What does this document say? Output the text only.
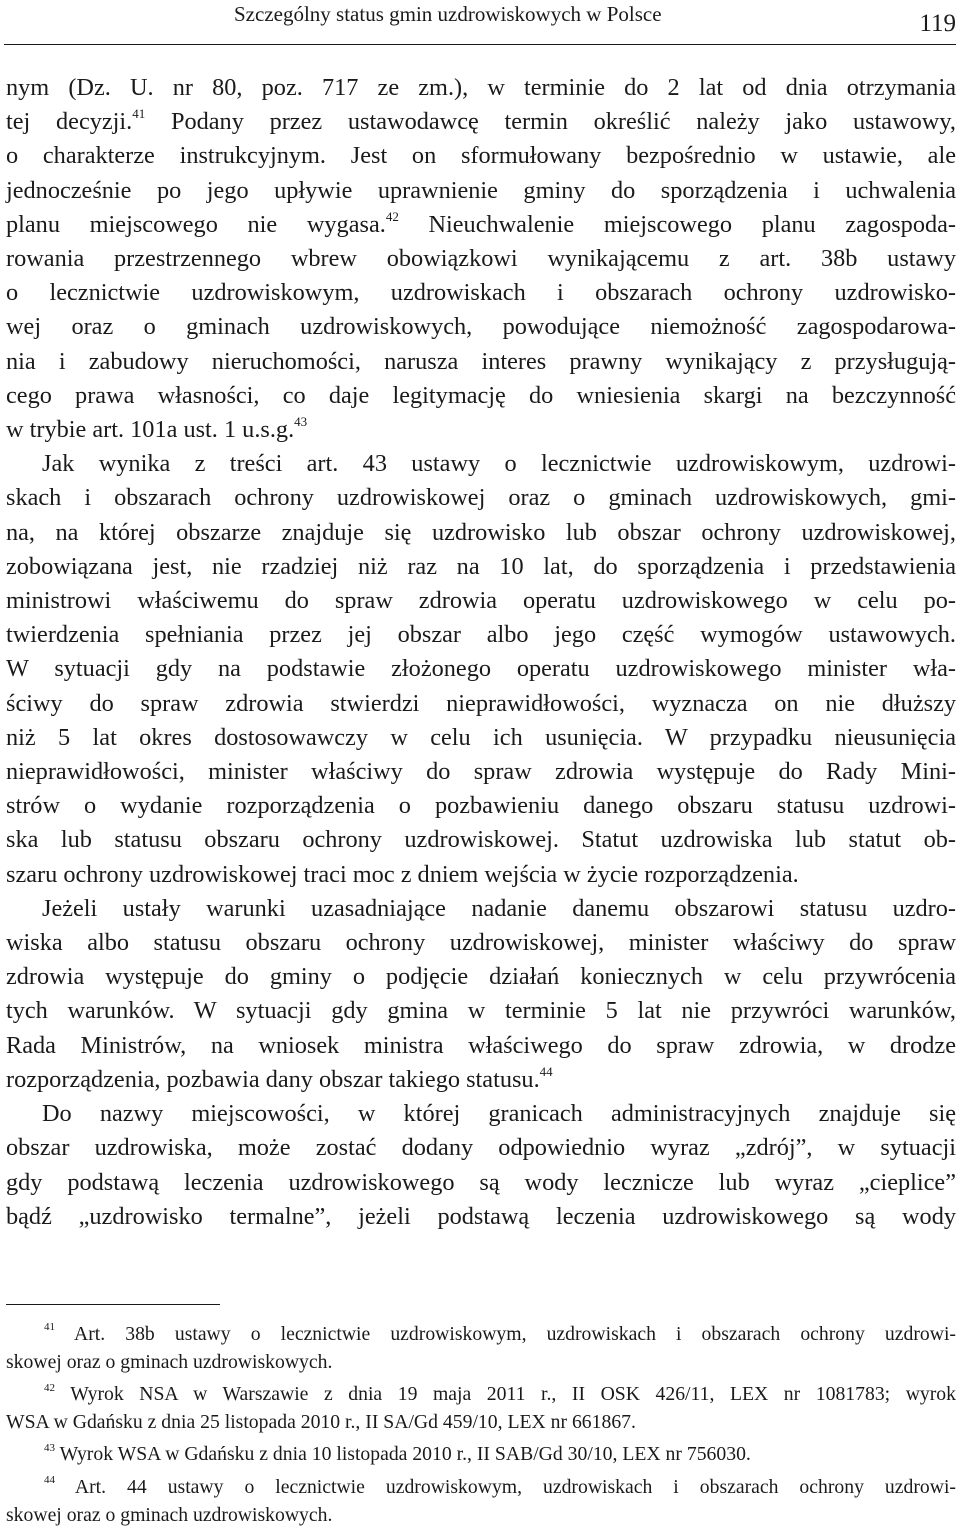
Szczególny status gmin uzdrowiskowych w Polsce	119

nym (Dz. U. nr 80, poz. 717 ze zm.), w terminie do 2 lat od dnia otrzymania
tej decyzji.$^{41}$ Podany przez ustawodawcę termin określić należy jako ustawowy,
o charakterze instrukcyjnym. Jest on sformułowany bezpośrednio w ustawie, ale
jednocześnie po jego upływie uprawnienie gminy do sporządzenia i uchwalenia
planu miejscowego nie wygasa.$^{42}$ Nieuchwalenie miejscowego planu zagospoda-
rowania przestrzennego wbrew obowiązkowi wynikającemu z art. 38b ustawy
o lecznictwie uzdrowiskowym, uzdrowiskach i obszarach ochrony uzdrowisko-
wej oraz o gminach uzdrowiskowych, powodujące niemożność zagospodarowa-
nia i zabudowy nieruchomości, narusza interes prawny wynikający z przysługują-
cego prawa własności, co daje legitymację do wniesienia skargi na bezczynność
w trybie art. 101a ust. 1 u.s.g.$^{43}$

Jak wynika z treści art. 43 ustawy o lecznictwie uzdrowiskowym, uzdrowi-
skach i obszarach ochrony uzdrowiskowej oraz o gminach uzdrowiskowych, gmi-
na, na której obszarze znajduje się uzdrowisko lub obszar ochrony uzdrowiskowej,
zobowiązana jest, nie rzadziej niż raz na 10 lat, do sporządzenia i przedstawienia
ministrowi właściwemu do spraw zdrowia operatu uzdrowiskowego w celu po-
twierdzenia spełniania przez jej obszar albo jego część wymogów ustawowych.
W sytuacji gdy na podstawie złożonego operatu uzdrowiskowego minister wła-
ściwy do spraw zdrowia stwierdzi nieprawidłowości, wyznacza on nie dłuższy
niż 5 lat okres dostosowawczy w celu ich usunięcia. W przypadku nieusunięcia
nieprawidłowości, minister właściwy do spraw zdrowia występuje do Rady Mini-
strów o wydanie rozporządzenia o pozbawieniu danego obszaru statusu uzdrowi-
ska lub statusu obszaru ochrony uzdrowiskowej. Statut uzdrowiska lub statut ob-
szaru ochrony uzdrowiskowej traci moc z dniem wejścia w życie rozporządzenia.

Jeżeli ustały warunki uzasadniające nadanie danemu obszarowi statusu uzdro-
wiska albo statusu obszaru ochrony uzdrowiskowej, minister właściwy do spraw
zdrowia występuje do gminy o podjęcie działań koniecznych w celu przywrócenia
tych warunków. W sytuacji gdy gmina w terminie 5 lat nie przywróci warunków,
Rada Ministrów, na wniosek ministra właściwego do spraw zdrowia, w drodze
rozporządzenia, pozbawia dany obszar takiego statusu.$^{44}$

Do nazwy miejscowości, w której granicach administracyjnych znajduje się
obszar uzdrowiska, może zostać dodany odpowiednio wyraz „zdrój”, w sytuacji
gdy podstawą leczenia uzdrowiskowego są wody lecznicze lub wyraz „cieplice”
bądź „uzdrowisko termalne”, jeżeli podstawą leczenia uzdrowiskowego są wody

$^{41}$ Art. 38b ustawy o lecznictwie uzdrowiskowym, uzdrowiskach i obszarach ochrony uzdrowi-
skowej oraz o gminach uzdrowiskowych.
$^{42}$ Wyrok NSA w Warszawie z dnia 19 maja 2011 r., II OSK 426/11, LEX nr 1081783; wyrok
WSA w Gdańsku z dnia 25 listopada 2010 r., II SA/Gd 459/10, LEX nr 661867.
$^{43}$ Wyrok WSA w Gdańsku z dnia 10 listopada 2010 r., II SAB/Gd 30/10, LEX nr 756030.
$^{44}$ Art. 44 ustawy o lecznictwie uzdrowiskowym, uzdrowiskach i obszarach ochrony uzdrowi-
skowej oraz o gminach uzdrowiskowych.
